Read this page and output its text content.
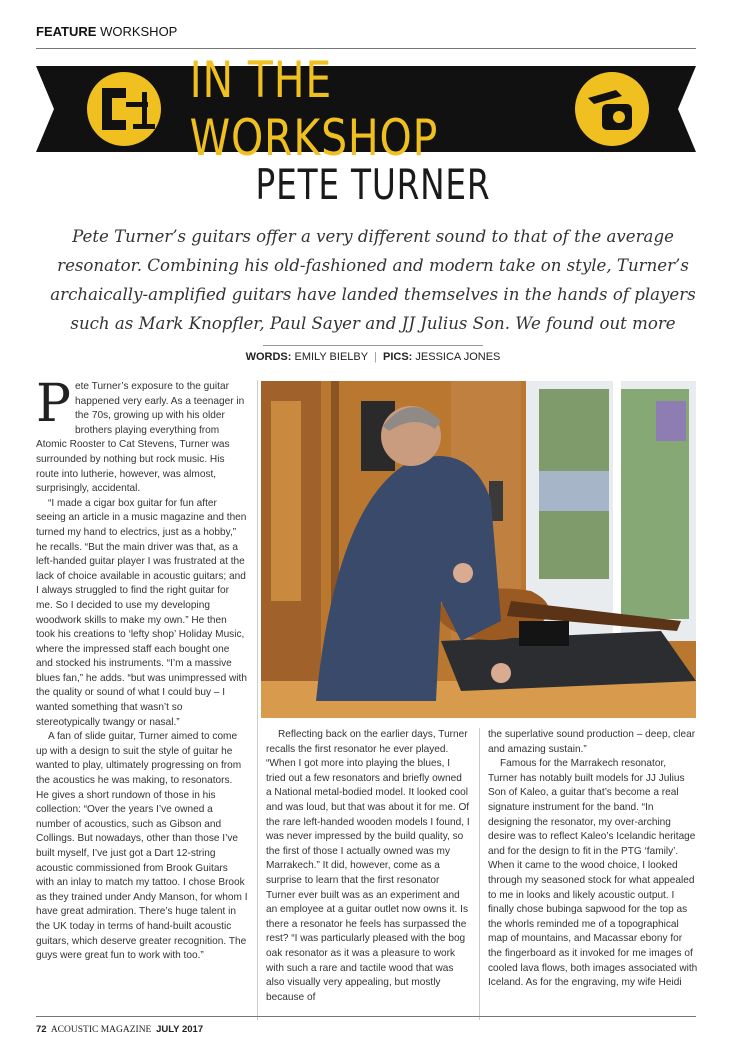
FEATURE WORKSHOP
IN THE WORKSHOP
PETE TURNER
Pete Turner’s guitars offer a very different sound to that of the average resonator. Combining his old-fashioned and modern take on style, Turner’s archaically-amplified guitars have landed themselves in the hands of players such as Mark Knopfler, Paul Sayer and JJ Julius Son. We found out more
WORDS: EMILY BIELBY | PICS: JESSICA JONES
P ete Turner’s exposure to the guitar happened very early. As a teenager in the 70s, growing up with his older brothers playing everything from Atomic Rooster to Cat Stevens, Turner was surrounded by nothing but rock music. His route into lutherie, however, was almost, surprisingly, accidental.

“I made a cigar box guitar for fun after seeing an article in a music magazine and then turned my hand to electrics, just as a hobby,” he recalls. “But the main driver was that, as a left-handed guitar player I was frustrated at the lack of choice available in acoustic guitars; and I always struggled to find the right guitar for me. So I decided to use my developing woodwork skills to make my own.” He then took his creations to ‘lefty shop’ Holiday Music, where the impressed staff each bought one and stocked his instruments. “I’m a massive blues fan,” he adds. “but was unimpressed with the quality or sound of what I could buy – I wanted something that wasn’t so stereotypically twangy or nasal.”

A fan of slide guitar, Turner aimed to come up with a design to suit the style of guitar he wanted to play, ultimately progressing on from the acoustics he was making, to resonators. He gives a short rundown of those in his collection: “Over the years I’ve owned a number of acoustics, such as Gibson and Collings. But nowadays, other than those I’ve built myself, I’ve just got a Dart 12-string acoustic commissioned from Brook Guitars with an inlay to match my tattoo. I chose Brook as they trained under Andy Manson, for whom I have great admiration. There’s huge talent in the UK today in terms of hand-built acoustic guitars, which deserve greater recognition. The guys were great fun to work with too.”

Reflecting back on the earlier days, Turner recalls the first resonator he ever played. “When I got more into playing the blues, I tried out a few resonators and briefly owned a National metal-bodied model. It looked cool and was loud, but that was about it for me. Of the rare left-handed wooden models I found, I was never impressed by the build quality, so the first of those I actually owned was my Marrakech.” It did, however, come as a surprise to learn that the first resonator Turner ever built was as an experiment and an employee at a guitar outlet now owns it. Is there a resonator he feels has surpassed the rest? “I was particularly pleased with the bog oak resonator as it was a pleasure to work with such a rare and tactile wood that was also visually very appealing, but mostly because of

the superlative sound production – deep, clear and amazing sustain.”

Famous for the Marrakech resonator, Turner has notably built models for JJ Julius Son of Kaleo, a guitar that’s become a real signature instrument for the band. “In designing the resonator, my over-arching desire was to reflect Kaleo’s Icelandic heritage and for the design to fit in the PTG ‘family’. When it came to the wood choice, I looked through my seasoned stock for what appealed to me in looks and likely acoustic output. I finally chose bubinga sapwood for the top as the whorls reminded me of a topographical map of mountains, and Macassar ebony for the fingerboard as it invoked for me images of cooled lava flows, both images associated with Iceland. As for the engraving, my wife Heidi

72 ACOUSTIC MAGAZINE JULY 2017
